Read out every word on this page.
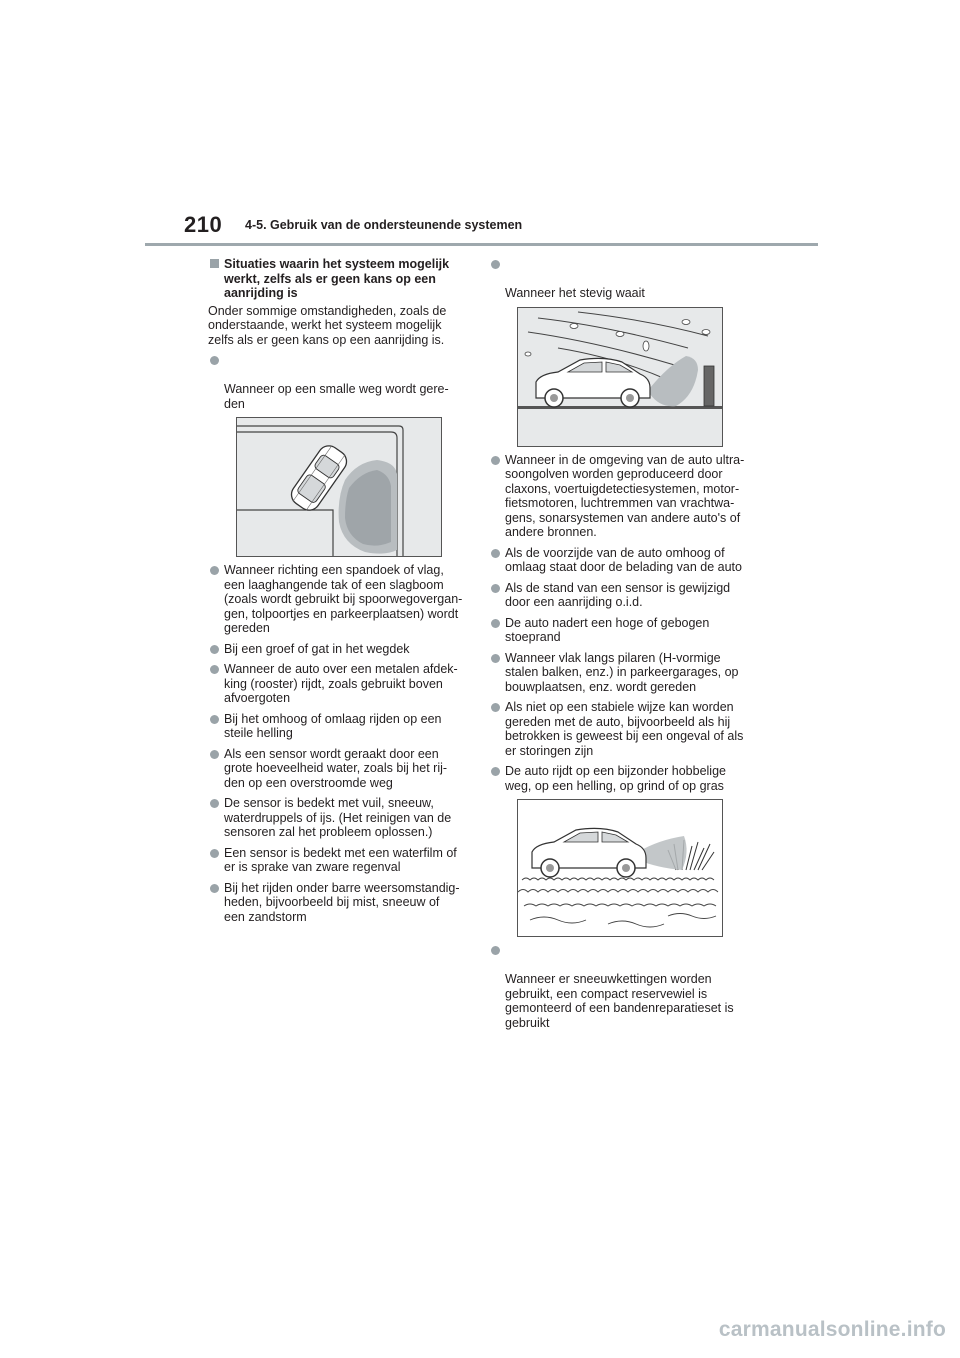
210 4-5. Gebruik van de ondersteunende systemen
Situaties waarin het systeem mogelijk werkt, zelfs als er geen kans op een aanrijding is
Onder sommige omstandigheden, zoals de
onderstaande, werkt het systeem mogelijk
zelfs als er geen kans op een aanrijding is.

Wanneer op een smalle weg wordt gere-
den

Wanneer richting een spandoek of vlag,
een laaghangende tak of een slagboom
(zoals wordt gebruikt bij spoorwegovergan-
gen, tolpoortjes en parkeerplaatsen) wordt
gereden
Bij een groef of gat in het wegdek
Wanneer de auto over een metalen afdek-
king (rooster) rijdt, zoals gebruikt boven
afvoergoten
Bij het omhoog of omlaag rijden op een
steile helling
Als een sensor wordt geraakt door een
grote hoeveelheid water, zoals bij het rij-
den op een overstroomde weg
De sensor is bedekt met vuil, sneeuw,
waterdruppels of ijs. (Het reinigen van de
sensoren zal het probleem oplossen.)
Een sensor is bedekt met een waterfilm of
er is sprake van zware regenval
Bij het rijden onder barre weersomstandig-
heden, bijvoorbeeld bij mist, sneeuw of
een zandstorm

Wanneer het stevig waait

Wanneer in de omgeving van de auto ultra-
soongolven worden geproduceerd door
claxons, voertuigdetectiesystemen, motor-
fietsmotoren, luchtremmen van vrachtwa-
gens, sonarsystemen van andere auto's of
andere bronnen.
Als de voorzijde van de auto omhoog of
omlaag staat door de belading van de auto
Als de stand van een sensor is gewijzigd
door een aanrijding o.i.d.
De auto nadert een hoge of gebogen
stoeprand
Wanneer vlak langs pilaren (H-vormige
stalen balken, enz.) in parkeergarages, op
bouwplaatsen, enz. wordt gereden
Als niet op een stabiele wijze kan worden
gereden met de auto, bijvoorbeeld als hij
betrokken is geweest bij een ongeval of als
er storingen zijn
De auto rijdt op een bijzonder hobbelige
weg, op een helling, op grind of op gras

Wanneer er sneeuwkettingen worden
gebruikt, een compact reservewiel is
gemonteerd of een bandenreparatieset is
gebruikt

carmanualsonline.info
